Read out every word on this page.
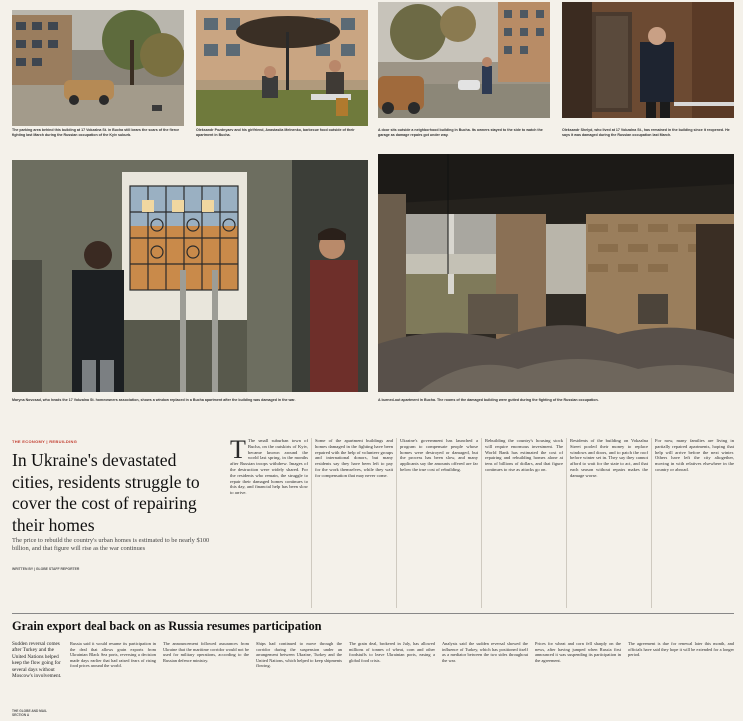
The parking area behind this building at 17 Vokzalna St. in Bucha still bears the scars of the fierce fighting last March during the Russian occupation of the Kyiv suburb.
Oleksandr Pozdnyaev and his girlfriend, Anastasiia Melnenko, barbecue food outside of their apartment in Bucha.
A door sits outside a neighborhood building in Bucha. Its owners stayed to the side to watch the garage as damage repairs got under way.
Oleksandr Shelyd, who lived at 17 Vokzalna St., has remained in the building since it reopened. He says it was damaged during the Russian occupation last March.
Maryna Novosad, who heads the 17 Vokzalna St. homeowners association, shows a window replaced in a Bucha apartment after the building was damaged in the war.	A burned-out apartment in Bucha. The rooms of the damaged building were gutted during the fighting of the Russian occupation.
THE ECONOMY | REBUILDING
In Ukraine's devastated cities, residents struggle to cover the cost of repairing their homes
The price to rebuild the country's urban homes is estimated to be nearly $100 billion, and that figure will rise as the war continues
WRITTEN BY | GLOBE STAFF REPORTER
T The small suburban town of Bucha, on the outskirts of Kyiv, became known around the world last spring, in the months after Russian troops withdrew. Images of the destruction were widely shared. For the residents who remain, the struggle to repair their damaged homes continues to this day, and financial help has been slow to arrive.
Some of the apartment buildings and homes damaged in the fighting have been repaired with the help of volunteer groups and international donors, but many residents say they have been left to pay for the work themselves, while they wait for compensation that may never come.
Ukraine's government has launched a program to compensate people whose homes were destroyed or damaged, but the process has been slow, and many applicants say the amounts offered are far below the true cost of rebuilding.
Rebuilding the country's housing stock will require enormous investment. The World Bank has estimated the cost of repairing and rebuilding homes alone at tens of billions of dollars, and that figure continues to rise as attacks go on.
Residents of the building on Vokzalna Street pooled their money to replace windows and doors, and to patch the roof before winter set in. They say they cannot afford to wait for the state to act, and that each season without repairs makes the damage worse.
For now, many families are living in partially repaired apartments, hoping that help will arrive before the next winter. Others have left the city altogether, moving in with relatives elsewhere in the country or abroad.
Grain export deal back on as Russia resumes participation
Sudden reversal comes after Turkey and the United Nations helped keep the flow going for several days without Moscow's involvement.
Russia said it would resume its participation in the deal that allows grain exports from Ukrainian Black Sea ports, reversing a decision made days earlier that had raised fears of rising food prices around the world.
The announcement followed assurances from Ukraine that the maritime corridor would not be used for military operations, according to the Russian defence ministry.
Ships had continued to move through the corridor during the suspension under an arrangement between Ukraine, Turkey and the United Nations, which helped to keep shipments flowing.
The grain deal, brokered in July, has allowed millions of tonnes of wheat, corn and other foodstuffs to leave Ukrainian ports, easing a global food crisis.
Analysts said the sudden reversal showed the influence of Turkey, which has positioned itself as a mediator between the two sides throughout the war.
Prices for wheat and corn fell sharply on the news, after having jumped when Russia first announced it was suspending its participation in the agreement.
The agreement is due for renewal later this month, and officials have said they hope it will be extended for a longer period.
THE GLOBE AND MAIL
SECTION A
